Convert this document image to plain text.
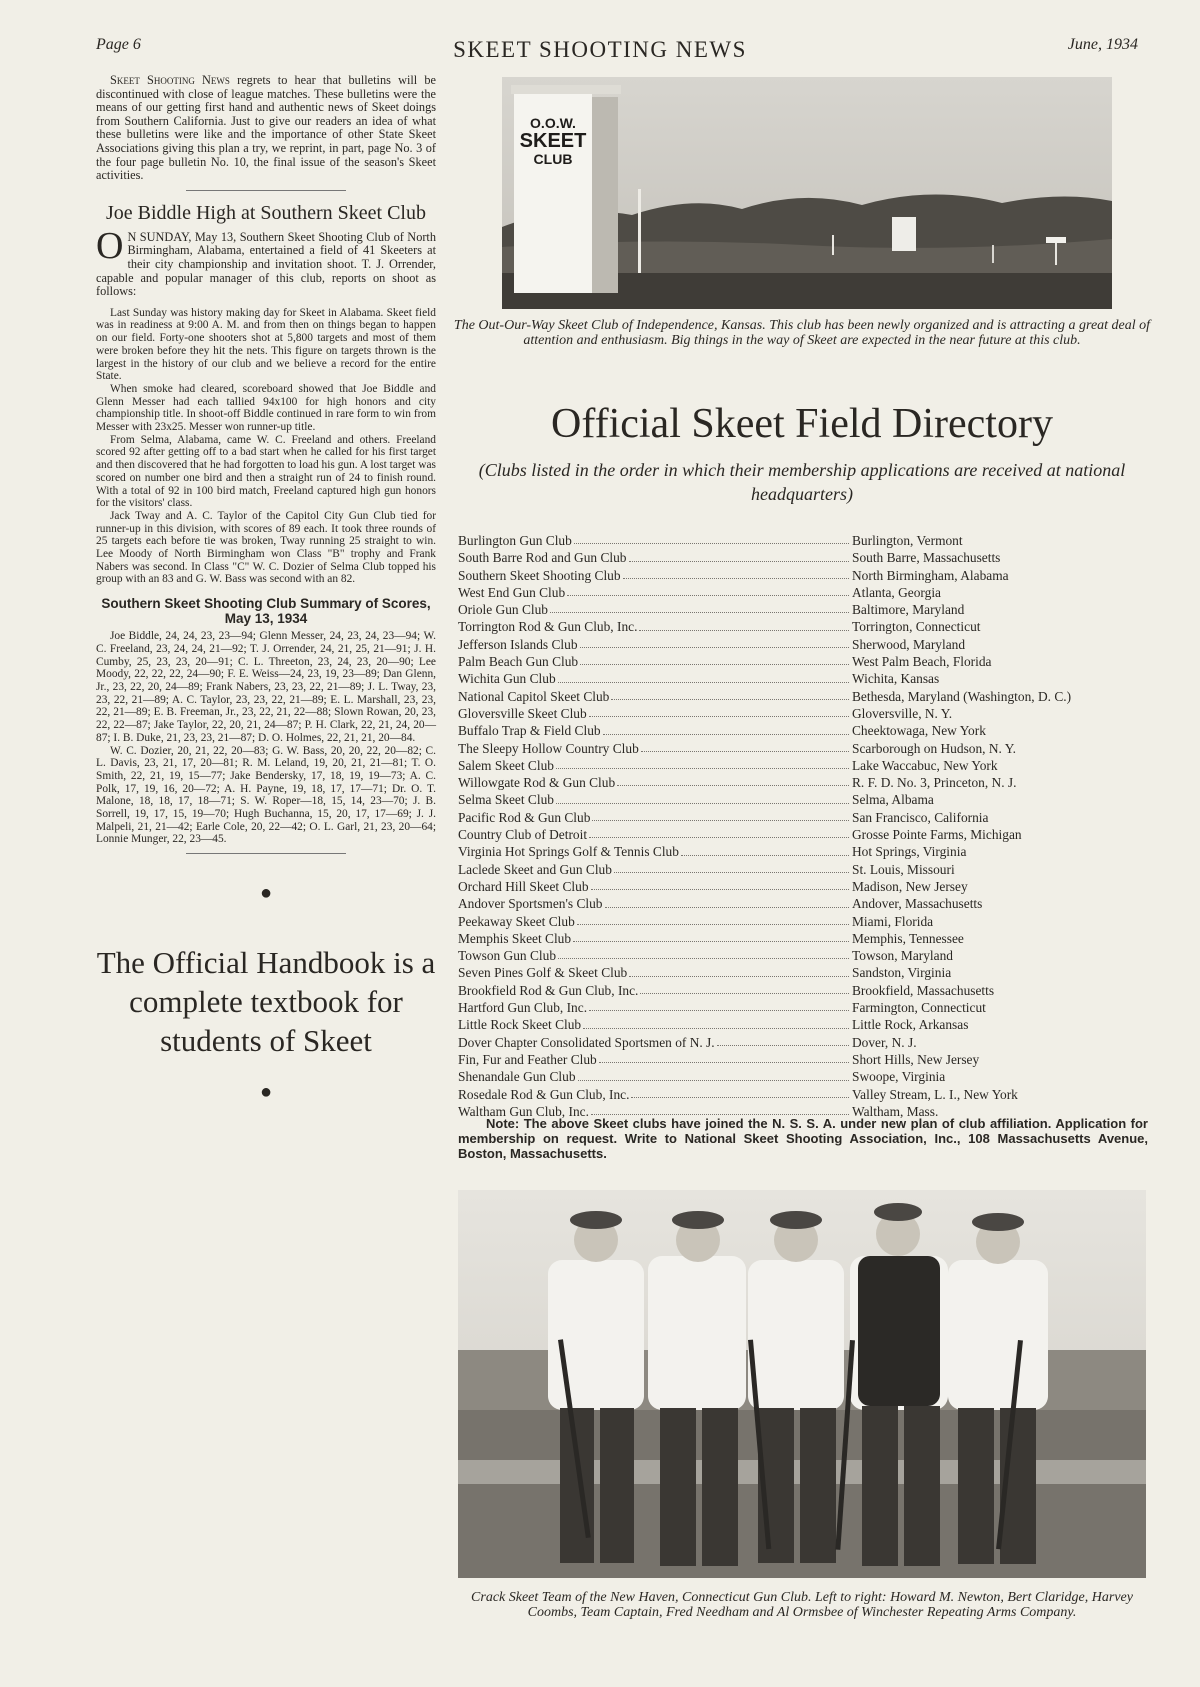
Page 6	SKEET SHOOTING NEWS	June, 1934

Skeet Shooting News regrets to hear that bulletins will be discontinued with close of league matches. These bulletins were the means of our getting first hand and authentic news of Skeet doings from Southern California. Just to give our readers an idea of what these bulletins were like and the importance of other State Skeet Associations giving this plan a try, we reprint, in part, page No. 3 of the four page bulletin No. 10, the final issue of the season's Skeet activities.

Joe Biddle High at Southern Skeet Club

O N SUNDAY, May 13, Southern Skeet Shooting Club of North Birmingham, Alabama, entertained a field of 41 Skeeters at their city championship and invitation shoot. T. J. Orrender, capable and popular manager of this club, reports on shoot as follows:

Last Sunday was history making day for Skeet in Alabama. Skeet field was in readiness at 9:00 A. M. and from then on things began to happen on our field. Forty-one shooters shot at 5,800 targets and most of them were broken before they hit the nets. This figure on targets thrown is the largest in the history of our club and we believe a record for the entire State.

When smoke had cleared, scoreboard showed that Joe Biddle and Glenn Messer had each tallied 94x100 for high honors and city championship title. In shoot-off Biddle continued in rare form to win from Messer with 23x25. Messer won runner-up title.

From Selma, Alabama, came W. C. Freeland and others. Freeland scored 92 after getting off to a bad start when he called for his first target and then discovered that he had forgotten to load his gun. A lost target was scored on number one bird and then a straight run of 24 to finish round. With a total of 92 in 100 bird match, Freeland captured high gun honors for the visitors' class.

Jack Tway and A. C. Taylor of the Capitol City Gun Club tied for runner-up in this division, with scores of 89 each. It took three rounds of 25 targets each before tie was broken, Tway running 25 straight to win. Lee Moody of North Birmingham won Class "B" trophy and Frank Nabers was second. In Class "C" W. C. Dozier of Selma Club topped his group with an 83 and G. W. Bass was second with an 82.

Southern Skeet Shooting Club Summary of Scores, May 13, 1934

Joe Biddle, 24, 24, 23, 23—94; Glenn Messer, 24, 23, 24, 23—94; W. C. Freeland, 23, 24, 24, 21—92; T. J. Orrender, 24, 21, 25, 21—91; J. H. Cumby, 25, 23, 23, 20—91; C. L. Threeton, 23, 24, 23, 20—90; Lee Moody, 22, 22, 22, 24—90; F. E. Weiss—24, 23, 19, 23—89; Dan Glenn, Jr., 23, 22, 20, 24—89; Frank Nabers, 23, 23, 22, 21—89; J. L. Tway, 23, 23, 22, 21—89; A. C. Taylor, 23, 23, 22, 21—89; E. L. Marshall, 23, 23, 22, 21—89; E. B. Freeman, Jr., 23, 22, 21, 22—88; Slown Rowan, 20, 23, 22, 22—87; Jake Taylor, 22, 20, 21, 24—87; P. H. Clark, 22, 21, 24, 20—87; I. B. Duke, 21, 23, 23, 21—87; D. O. Holmes, 22, 21, 21, 20—84.

W. C. Dozier, 20, 21, 22, 20—83; G. W. Bass, 20, 20, 22, 20—82; C. L. Davis, 23, 21, 17, 20—81; R. M. Leland, 19, 20, 21, 21—81; T. O. Smith, 22, 21, 19, 15—77; Jake Bendersky, 17, 18, 19, 19—73; A. C. Polk, 17, 19, 16, 20—72; A. H. Payne, 19, 18, 17, 17—71; Dr. O. T. Malone, 18, 18, 17, 18—71; S. W. Roper—18, 15, 14, 23—70; J. B. Sorrell, 19, 17, 15, 19—70; Hugh Buchanna, 15, 20, 17, 17—69; J. J. Malpeli, 21, 21—42; Earle Cole, 20, 22—42; O. L. Garl, 21, 23, 20—64; Lonnie Munger, 22, 23—45.

●

The Official Handbook is a complete textbook for students of Skeet

●
O.O.W.
SKEET
CLUB
The Out-Our-Way Skeet Club of Independence, Kansas. This club has been newly organized and is attracting a great deal of attention and enthusiasm. Big things in the way of Skeet are expected in the near future at this club.
Official Skeet Field Directory
(Clubs listed in the order in which their membership applications are received at national headquarters)
Burlington Gun Club	Burlington, Vermont
South Barre Rod and Gun Club	South Barre, Massachusetts
Southern Skeet Shooting Club	North Birmingham, Alabama
West End Gun Club	Atlanta, Georgia
Oriole Gun Club	Baltimore, Maryland
Torrington Rod & Gun Club, Inc.	Torrington, Connecticut
Jefferson Islands Club	Sherwood, Maryland
Palm Beach Gun Club	West Palm Beach, Florida
Wichita Gun Club	Wichita, Kansas
National Capitol Skeet Club	Bethesda, Maryland (Washington, D. C.)
Gloversville Skeet Club	Gloversville, N. Y.
Buffalo Trap & Field Club	Cheektowaga, New York
The Sleepy Hollow Country Club	Scarborough on Hudson, N. Y.
Salem Skeet Club	Lake Waccabuc, New York
Willowgate Rod & Gun Club	R. F. D. No. 3, Princeton, N. J.
Selma Skeet Club	Selma, Albama
Pacific Rod & Gun Club	San Francisco, California
Country Club of Detroit	Grosse Pointe Farms, Michigan
Virginia Hot Springs Golf & Tennis Club	Hot Springs, Virginia
Laclede Skeet and Gun Club	St. Louis, Missouri
Orchard Hill Skeet Club	Madison, New Jersey
Andover Sportsmen's Club	Andover, Massachusetts
Peekaway Skeet Club	Miami, Florida
Memphis Skeet Club	Memphis, Tennessee
Towson Gun Club	Towson, Maryland
Seven Pines Golf & Skeet Club	Sandston, Virginia
Brookfield Rod & Gun Club, Inc.	Brookfield, Massachusetts
Hartford Gun Club, Inc.	Farmington, Connecticut
Little Rock Skeet Club	Little Rock, Arkansas
Dover Chapter Consolidated Sportsmen of N. J.	Dover, N. J.
Fin, Fur and Feather Club	Short Hills, New Jersey
Shenandale Gun Club	Swoope, Virginia
Rosedale Rod & Gun Club, Inc.	Valley Stream, L. I., New York
Waltham Gun Club, Inc.	Waltham, Mass.

Note: The above Skeet clubs have joined the N. S. S. A. under new plan of club affiliation. Application for membership on request. Write to National Skeet Shooting Association, Inc., 108 Massachusetts Avenue, Boston, Massachusetts.

Crack Skeet Team of the New Haven, Connecticut Gun Club. Left to right: Howard M. Newton, Bert Claridge, Harvey Coombs, Team Captain, Fred Needham and Al Ormsbee of Winchester Repeating Arms Company.
